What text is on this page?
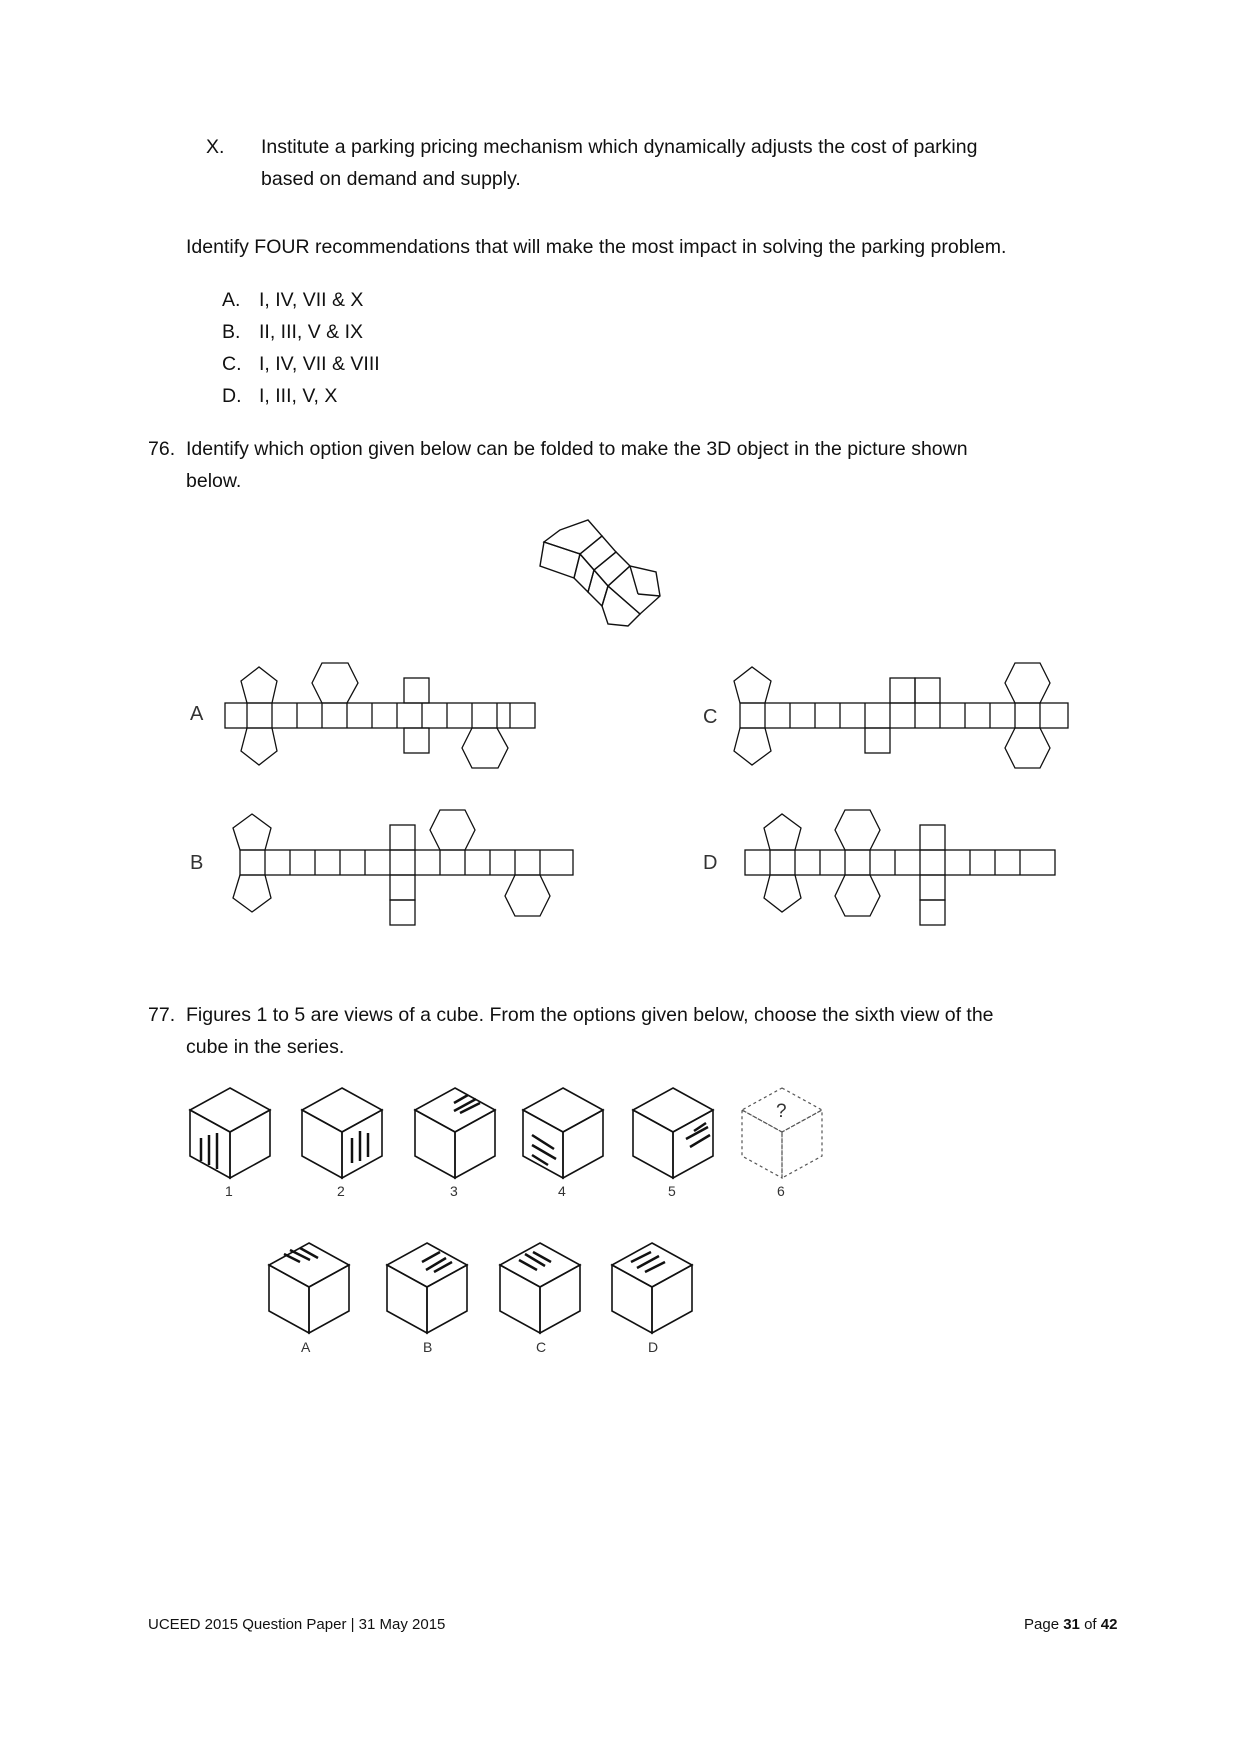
X. Institute a parking pricing mechanism which dynamically adjusts the cost of parking
based on demand and supply.
Identify FOUR recommendations that will make the most impact in solving the parking problem.
A. I, IV, VII & X
B. II, III, V & IX
C. I, IV, VII & VIII
D. I, III, V, X
76. Identify which option given below can be folded to make the 3D object in the picture shown
below.
A
B
C
D
77. Figures 1 to 5 are views of a cube. From the options given below, choose the sixth view of the
cube in the series.
1	2	3	4	5
?
6
A	B	C	D
UCEED 2015 Question Paper | 31 May 2015	Page 31 of 42
